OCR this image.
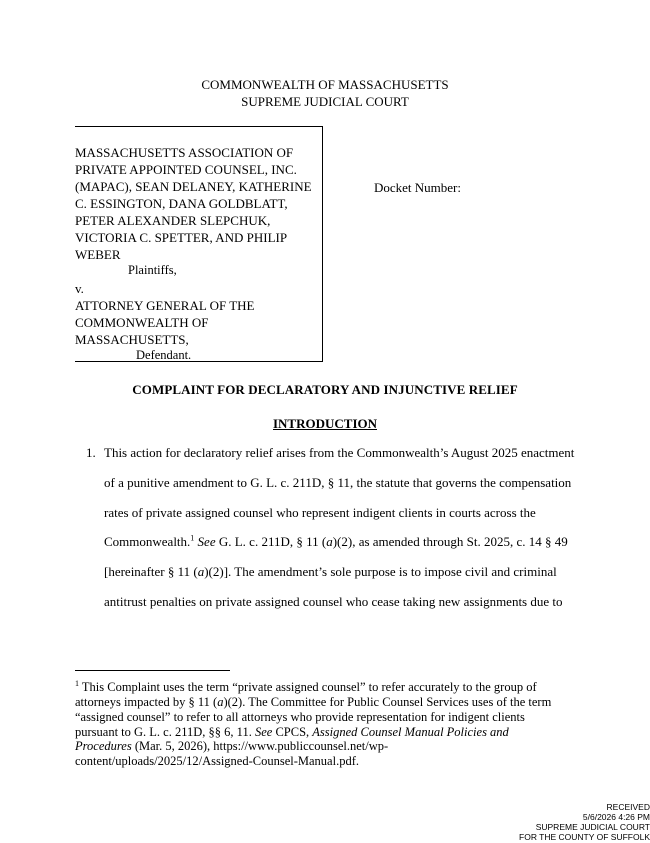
COMMONWEALTH OF MASSACHUSETTS
SUPREME JUDICIAL COURT
MASSACHUSETTS ASSOCIATION OF
PRIVATE APPOINTED COUNSEL, INC.
(MAPAC), SEAN DELANEY, KATHERINE
C. ESSINGTON, DANA GOLDBLATT,
PETER ALEXANDER SLEPCHUK,
VICTORIA C. SPETTER, AND PHILIP
WEBER
Plaintiffs,
v.
ATTORNEY GENERAL OF THE
COMMONWEALTH OF
MASSACHUSETTS,
Defendant.
Docket Number:
COMPLAINT FOR DECLARATORY AND INJUNCTIVE RELIEF
INTRODUCTION
1. This action for declaratory relief arises from the Commonwealth’s August 2025 enactment
of a punitive amendment to G. L. c. 211D, § 11, the statute that governs the compensation
rates of private assigned counsel who represent indigent clients in courts across the
Commonwealth.$^1$ See G. L. c. 211D, § 11 (a)(2), as amended through St. 2025, c. 14 § 49
[hereinafter § 11 (a)(2)]. The amendment’s sole purpose is to impose civil and criminal
antitrust penalties on private assigned counsel who cease taking new assignments due to
$^1$ This Complaint uses the term “private assigned counsel” to refer accurately to the group of
attorneys impacted by § 11 (a)(2). The Committee for Public Counsel Services uses of the term
“assigned counsel” to refer to all attorneys who provide representation for indigent clients
pursuant to G. L. c. 211D, §§ 6, 11. See CPCS, Assigned Counsel Manual Policies and
Procedures (Mar. 5, 2026), https://www.publiccounsel.net/wp-
content/uploads/2025/12/Assigned-Counsel-Manual.pdf.
RECEIVED
5/6/2026 4:26 PM
SUPREME JUDICIAL COURT
FOR THE COUNTY OF SUFFOLK
